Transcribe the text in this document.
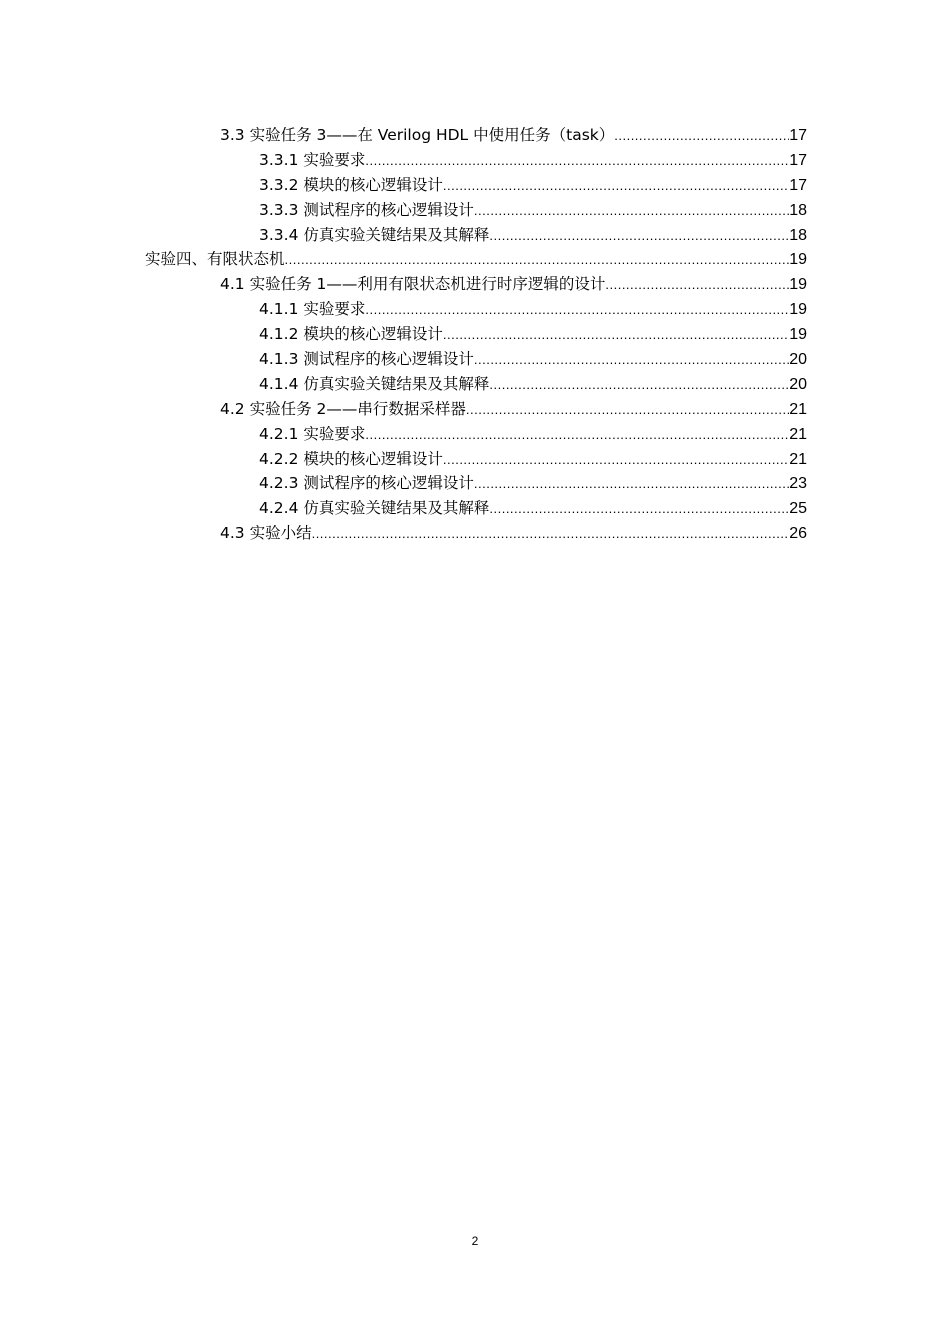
3.3 实验任务 3——在 Verilog HDL 中使用任务（task） .....	17
3.3.1 实验要求 .....	17
3.3.2 模块的核心逻辑设计 .....	17
3.3.3 测试程序的核心逻辑设计 .....	18
3.3.4 仿真实验关键结果及其解释 .....	18
实验四、有限状态机 .....	19
4.1 实验任务 1——利用有限状态机进行时序逻辑的设计 .....	19
4.1.1 实验要求 .....	19
4.1.2 模块的核心逻辑设计 .....	19
4.1.3 测试程序的核心逻辑设计 .....	20
4.1.4 仿真实验关键结果及其解释 .....	20
4.2 实验任务 2——串行数据采样器 .....	21
4.2.1 实验要求 .....	21
4.2.2 模块的核心逻辑设计 .....	21
4.2.3 测试程序的核心逻辑设计 .....	23
4.2.4 仿真实验关键结果及其解释 .....	25
4.3 实验小结 .....	26
2
